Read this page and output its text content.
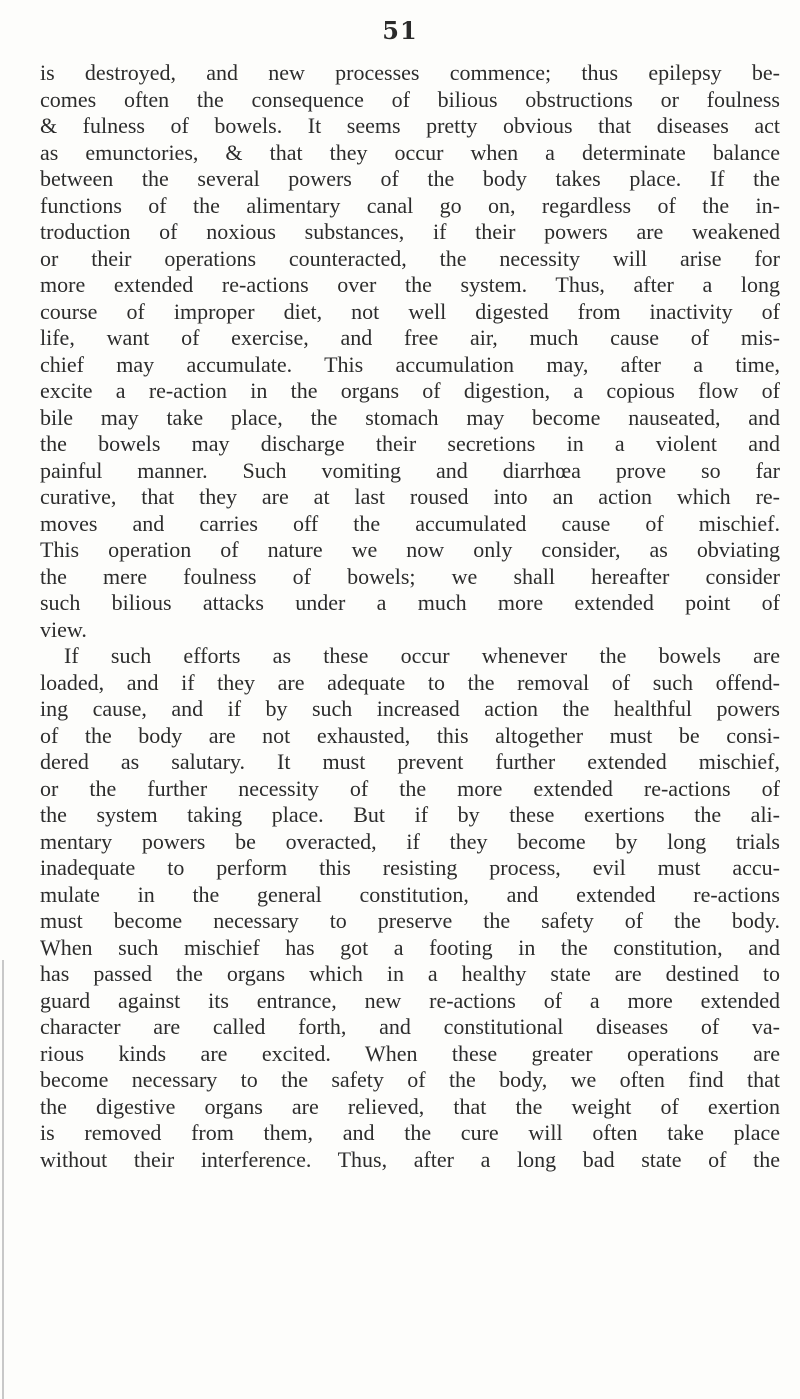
51
is destroyed, and new processes commence; thus epilepsy be-
comes often the consequence of bilious obstructions or foulness
& fulness of bowels. It seems pretty obvious that diseases act
as emunctories, & that they occur when a determinate balance
between the several powers of the body takes place. If the
functions of the alimentary canal go on, regardless of the in-
troduction of noxious substances, if their powers are weakened
or their operations counteracted, the necessity will arise for
more extended re-actions over the system. Thus, after a long
course of improper diet, not well digested from inactivity of
life, want of exercise, and free air, much cause of mis-
chief may accumulate. This accumulation may, after a time,
excite a re-action in the organs of digestion, a copious flow of
bile may take place, the stomach may become nauseated, and
the bowels may discharge their secretions in a violent and
painful manner. Such vomiting and diarrhœa prove so far
curative, that they are at last roused into an action which re-
moves and carries off the accumulated cause of mischief.
This operation of nature we now only consider, as obviating
the mere foulness of bowels; we shall hereafter consider
such bilious attacks under a much more extended point of
view.
If such efforts as these occur whenever the bowels are
loaded, and if they are adequate to the removal of such offend-
ing cause, and if by such increased action the healthful powers
of the body are not exhausted, this altogether must be consi-
dered as salutary. It must prevent further extended mischief,
or the further necessity of the more extended re-actions of
the system taking place. But if by these exertions the ali-
mentary powers be overacted, if they become by long trials
inadequate to perform this resisting process, evil must accu-
mulate in the general constitution, and extended re-actions
must become necessary to preserve the safety of the body.
When such mischief has got a footing in the constitution, and
has passed the organs which in a healthy state are destined to
guard against its entrance, new re-actions of a more extended
character are called forth, and constitutional diseases of va-
rious kinds are excited. When these greater operations are
become necessary to the safety of the body, we often find that
the digestive organs are relieved, that the weight of exertion
is removed from them, and the cure will often take place
without their interference. Thus, after a long bad state of the
